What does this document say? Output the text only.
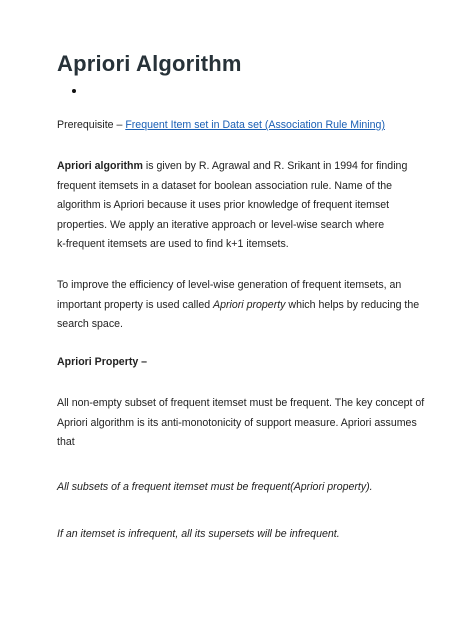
Apriori Algorithm
Prerequisite – Frequent Item set in Data set (Association Rule Mining)
Apriori algorithm is given by R. Agrawal and R. Srikant in 1994 for finding
frequent itemsets in a dataset for boolean association rule. Name of the
algorithm is Apriori because it uses prior knowledge of frequent itemset
properties. We apply an iterative approach or level-wise search where
k-frequent itemsets are used to find k+1 itemsets.
To improve the efficiency of level-wise generation of frequent itemsets, an
important property is used called Apriori property which helps by reducing the
search space.
Apriori Property –
All non-empty subset of frequent itemset must be frequent. The key concept of
Apriori algorithm is its anti-monotonicity of support measure. Apriori assumes
that
All subsets of a frequent itemset must be frequent(Apriori property).
If an itemset is infrequent, all its supersets will be infrequent.
